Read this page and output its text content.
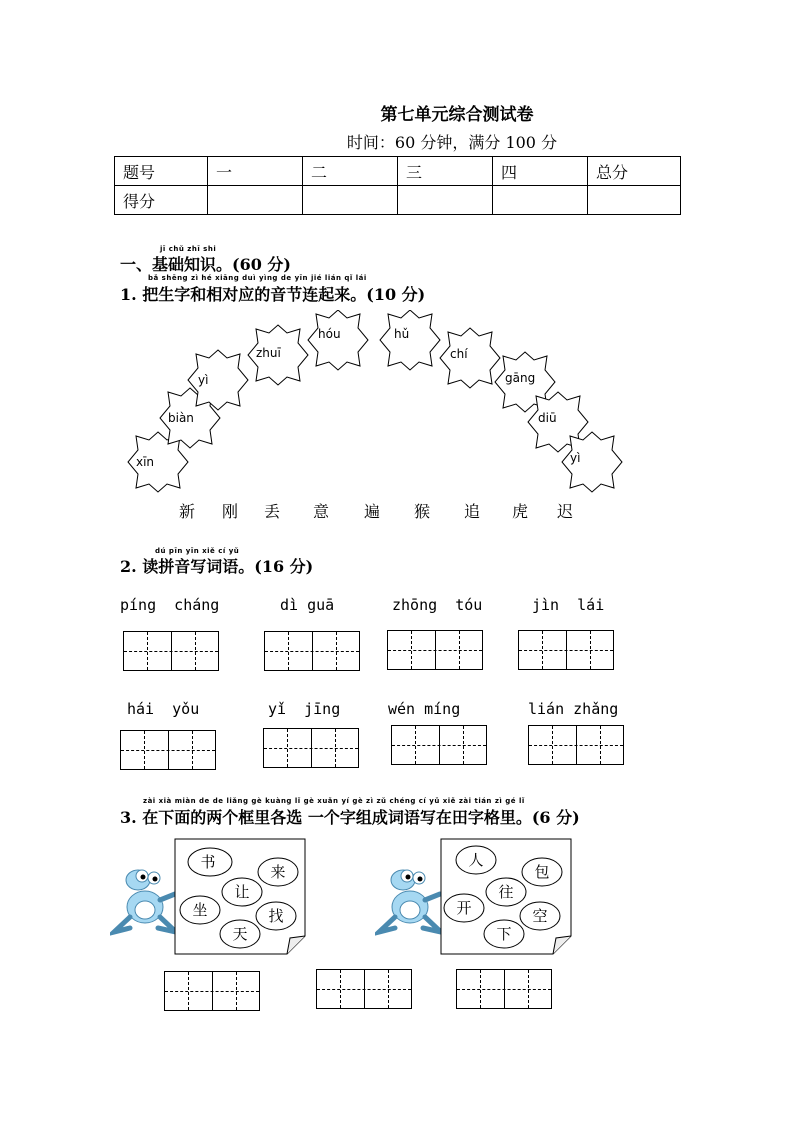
第七单元综合测试卷
时间：60 分钟，满分 100 分
题号	一	二	三	四	总分
得分					
jī chǔ zhī shi
一、基础知识。(60 分)
bǎ shēng zì hé xiāng duì yìng de yīn jié lián qǐ lái
1. 把生字和相对应的音节连起来。(10 分)
xīn
biàn
yì
zhuī
hóu	hǔ
chí
gāng
diū
yì
新 刚 丢 意 遍 猴 追 虎 迟
dú pīn yīn xiě cí yǔ
2. 读拼音写词语。(16 分)
píng  cháng	dì guā	zhōng  tóu	jìn  lái
hái  yǒu	yǐ  jīng	wén míng	lián zhǎng
zài xià miàn de de liǎng gè kuàng lǐ gè xuǎn yí gè zì zǔ chéng cí yǔ xiě zài tián zì gé lǐ
3. 在下面的两个框里各选 一个字组成词语写在田字格里。(6 分)
书
来
让
坐	找
天
人
包
往
开	空
下
